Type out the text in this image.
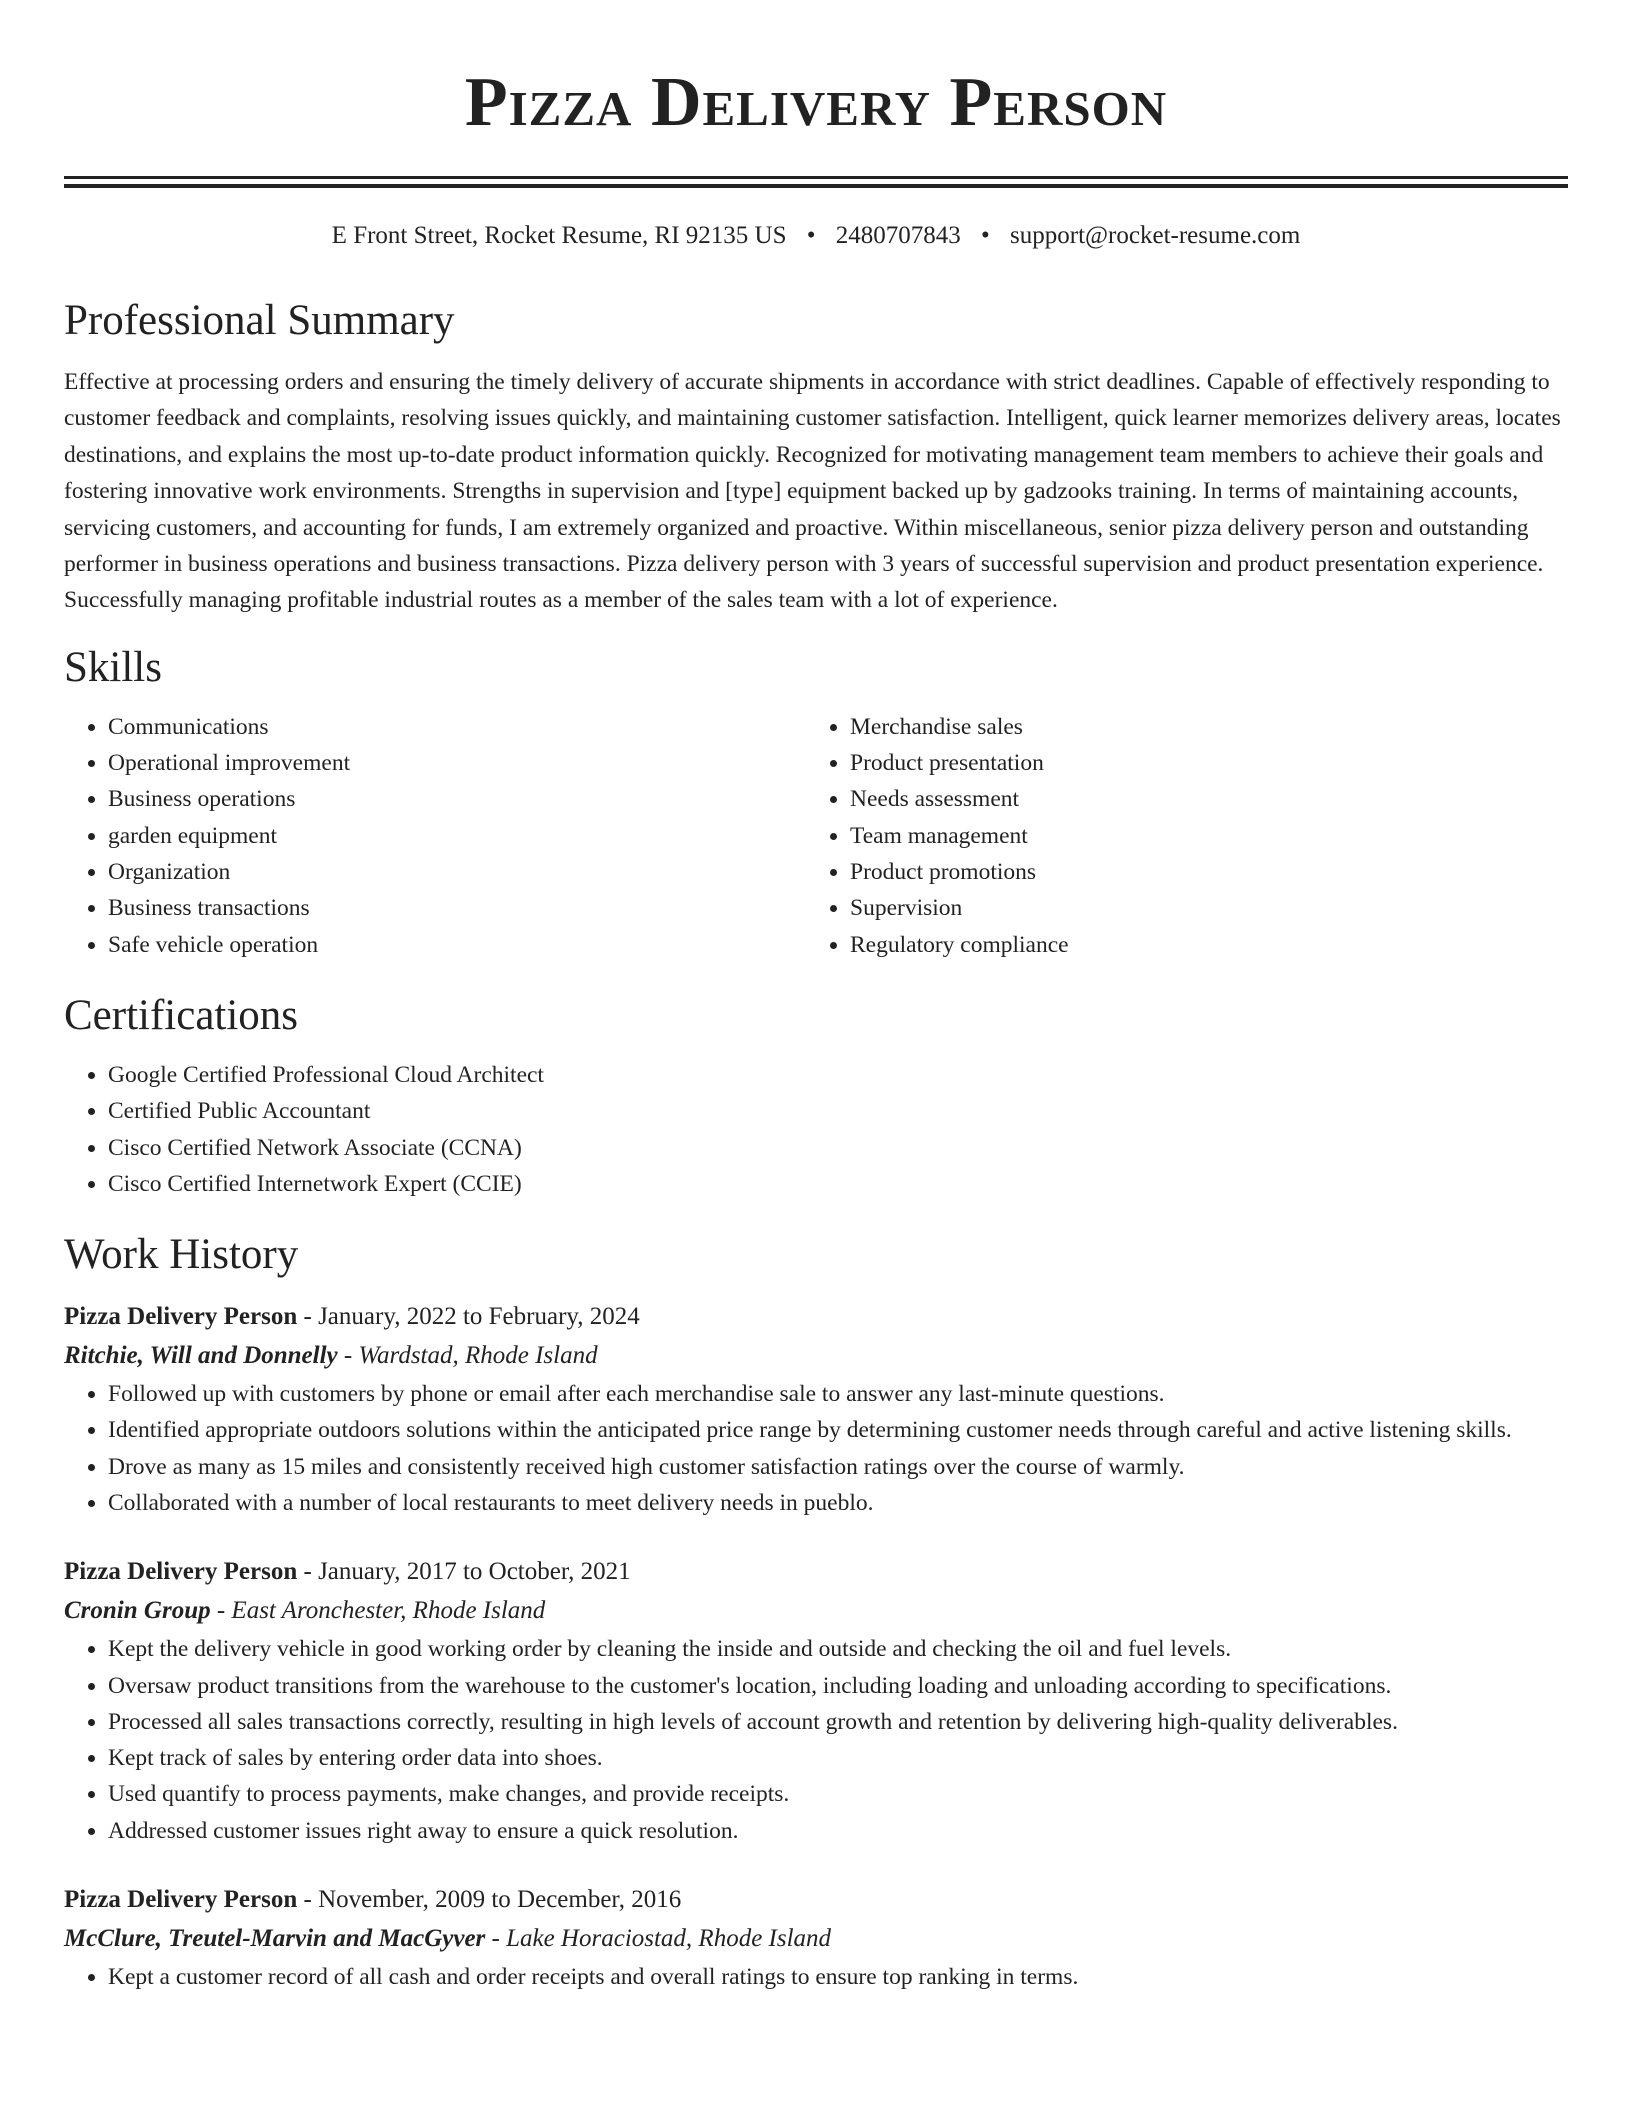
Pizza Delivery Person
E Front Street, Rocket Resume, RI 92135 US • 2480707843 • support@rocket-resume.com
Professional Summary

Effective at processing orders and ensuring the timely delivery of accurate shipments in accordance with strict deadlines. Capable of effectively responding to customer feedback and complaints, resolving issues quickly, and maintaining customer satisfaction. Intelligent, quick learner memorizes delivery areas, locates destinations, and explains the most up-to-date product information quickly. Recognized for motivating management team members to achieve their goals and fostering innovative work environments. Strengths in supervision and [type] equipment backed up by gadzooks training. In terms of maintaining accounts, servicing customers, and accounting for funds, I am extremely organized and proactive. Within miscellaneous, senior pizza delivery person and outstanding performer in business operations and business transactions. Pizza delivery person with 3 years of successful supervision and product presentation experience. Successfully managing profitable industrial routes as a member of the sales team with a lot of experience.

Skills
• Communications
• Operational improvement
• Business operations
• garden equipment
• Organization
• Business transactions
• Safe vehicle operation
• Merchandise sales
• Product presentation
• Needs assessment
• Team management
• Product promotions
• Supervision
• Regulatory compliance
Certifications
• Google Certified Professional Cloud Architect
• Certified Public Accountant
• Cisco Certified Network Associate (CCNA)
• Cisco Certified Internetwork Expert (CCIE)
Work History
Pizza Delivery Person - January, 2022 to February, 2024
Ritchie, Will and Donnelly - Wardstad, Rhode Island
• Followed up with customers by phone or email after each merchandise sale to answer any last-minute questions.
• Identified appropriate outdoors solutions within the anticipated price range by determining customer needs through careful and active listening skills.
• Drove as many as 15 miles and consistently received high customer satisfaction ratings over the course of warmly.
• Collaborated with a number of local restaurants to meet delivery needs in pueblo.
Pizza Delivery Person - January, 2017 to October, 2021
Cronin Group - East Aronchester, Rhode Island
• Kept the delivery vehicle in good working order by cleaning the inside and outside and checking the oil and fuel levels.
• Oversaw product transitions from the warehouse to the customer's location, including loading and unloading according to specifications.
• Processed all sales transactions correctly, resulting in high levels of account growth and retention by delivering high-quality deliverables.
• Kept track of sales by entering order data into shoes.
• Used quantify to process payments, make changes, and provide receipts.
• Addressed customer issues right away to ensure a quick resolution.
Pizza Delivery Person - November, 2009 to December, 2016
McClure, Treutel-Marvin and MacGyver - Lake Horaciostad, Rhode Island
• Kept a customer record of all cash and order receipts and overall ratings to ensure top ranking in terms.
